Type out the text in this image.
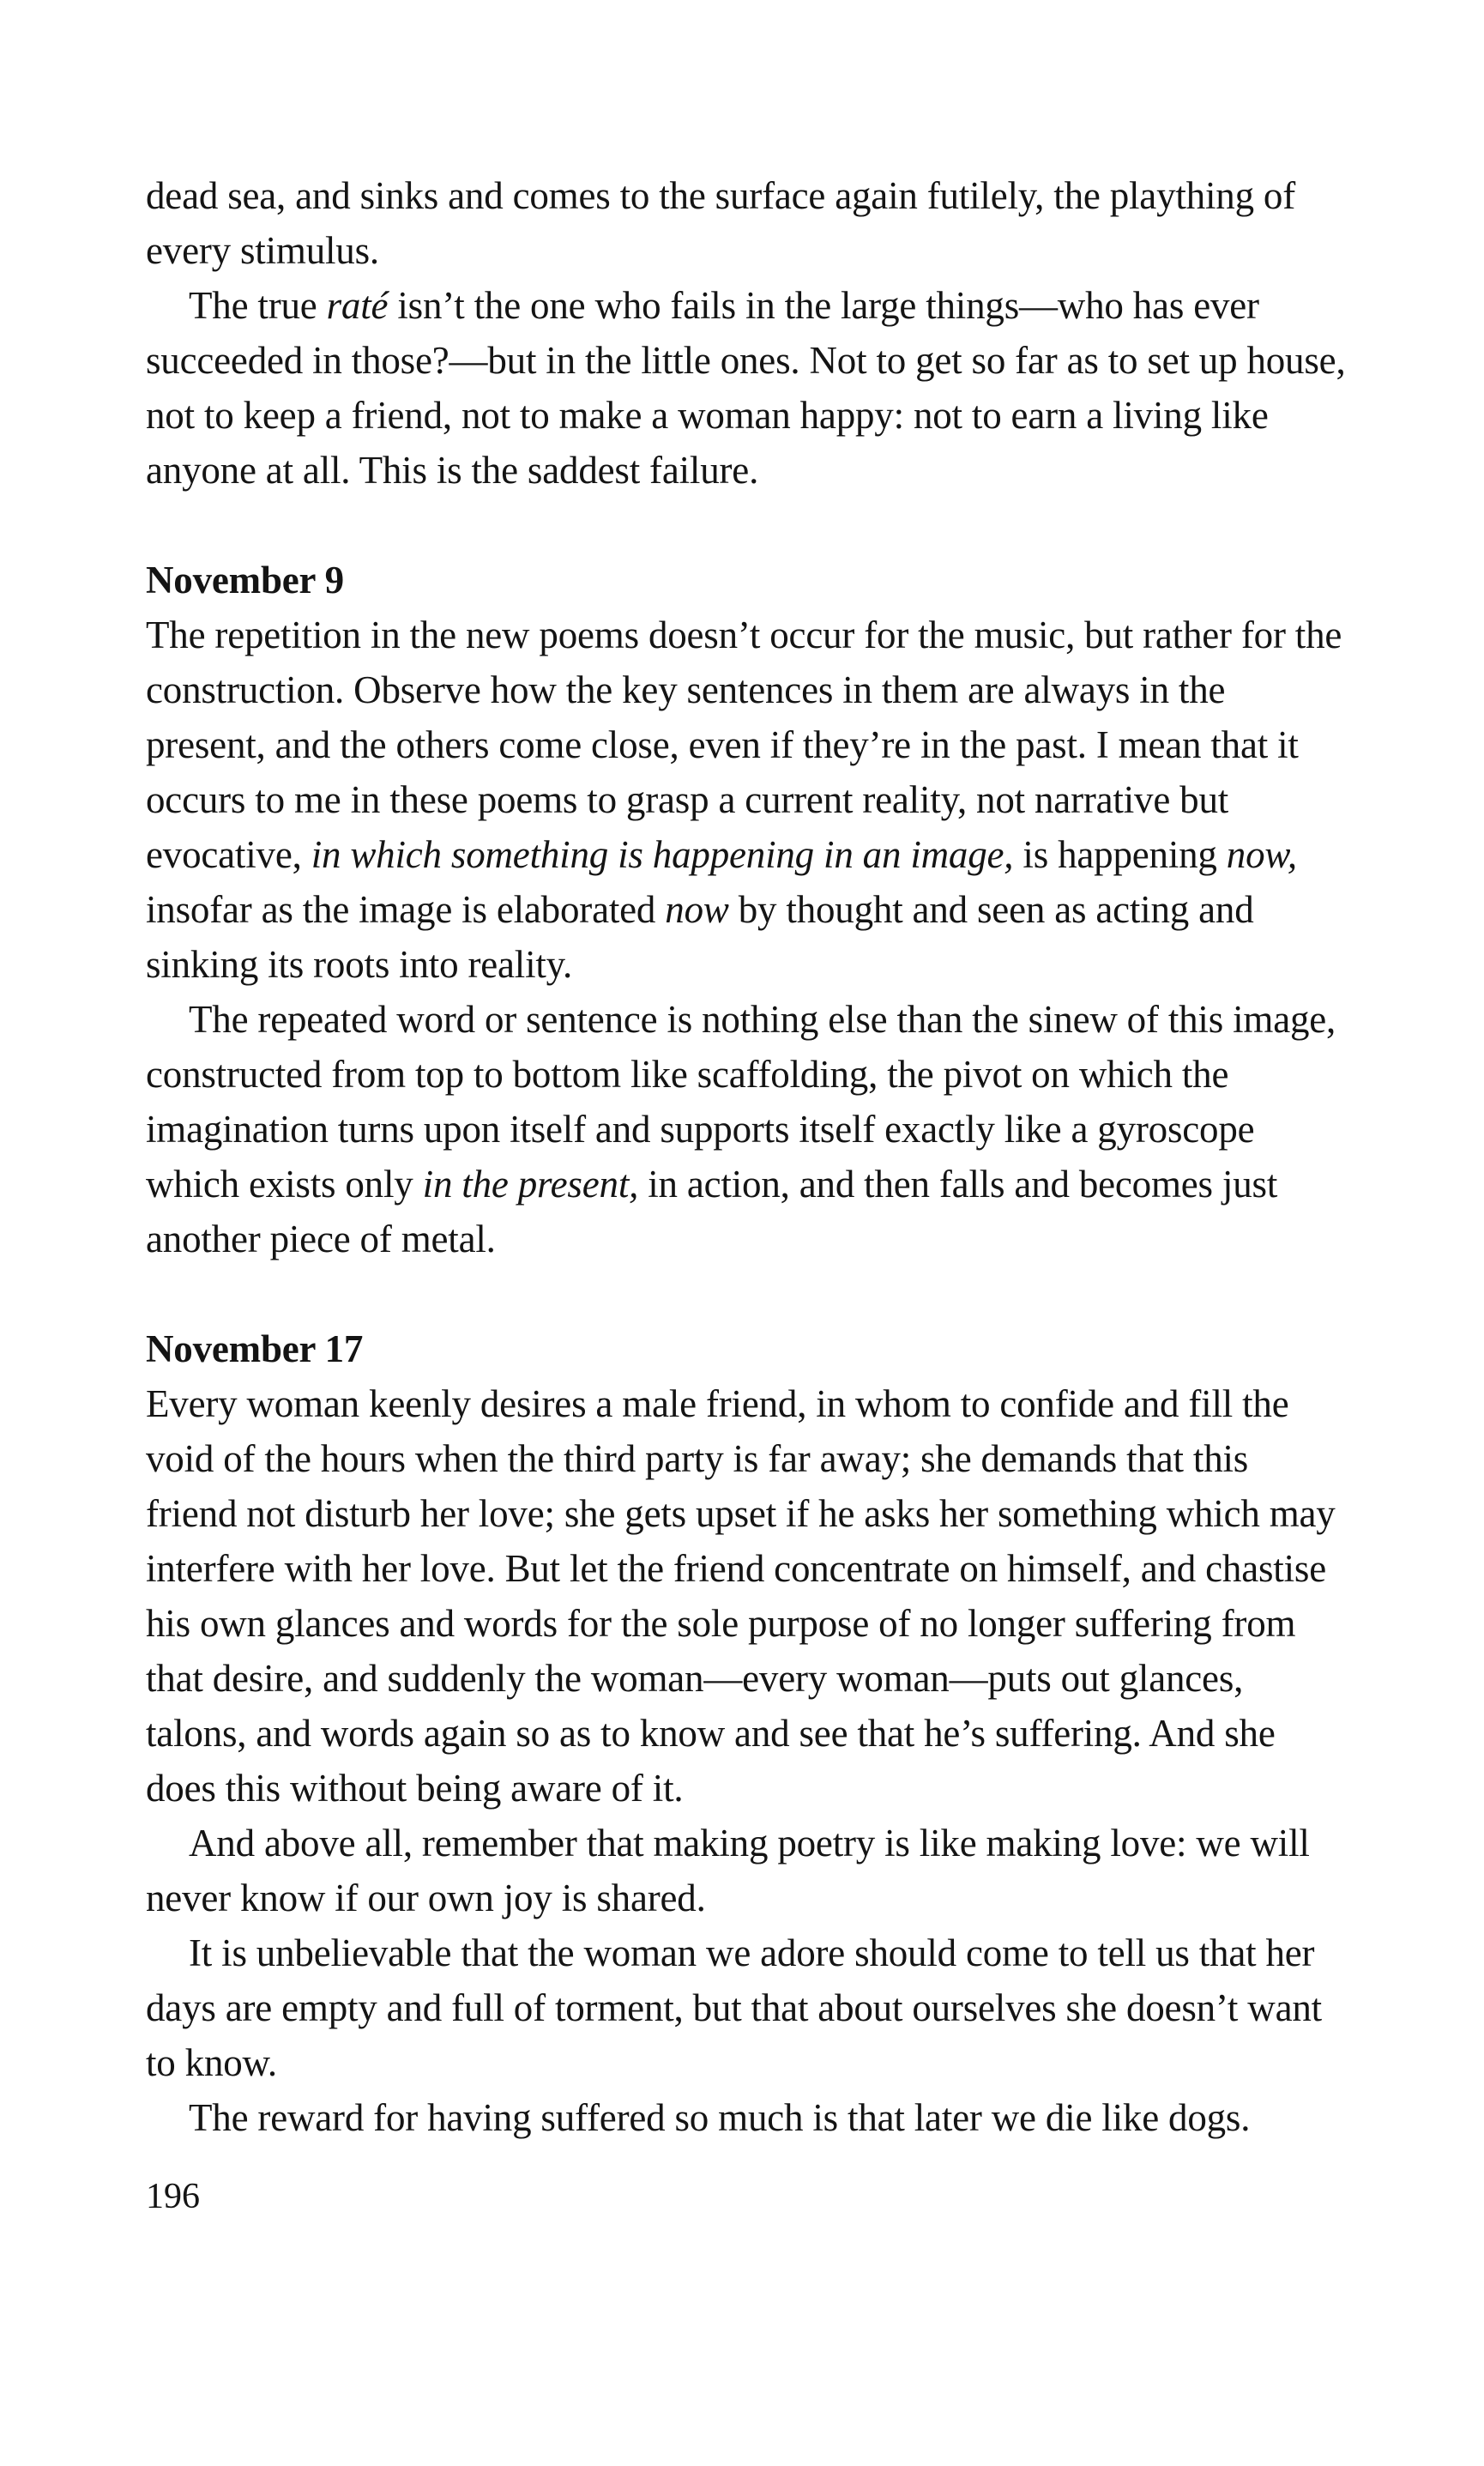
dead sea, and sinks and comes to the surface again futilely, the plaything of every stimulus.

The true raté isn’t the one who fails in the large things—who has ever succeeded in those?—but in the little ones. Not to get so far as to set up house, not to keep a friend, not to make a woman happy: not to earn a living like anyone at all. This is the saddest failure.

November 9

The repetition in the new poems doesn’t occur for the music, but rather for the construction. Observe how the key sentences in them are always in the present, and the others come close, even if they’re in the past. I mean that it occurs to me in these poems to grasp a current reality, not narrative but evocative, in which something is happening in an image, is happening now, insofar as the image is elaborated now by thought and seen as acting and sinking its roots into reality.

The repeated word or sentence is nothing else than the sinew of this image, constructed from top to bottom like scaffolding, the pivot on which the imagination turns upon itself and supports itself exactly like a gyroscope which exists only in the present, in action, and then falls and becomes just another piece of metal.

November 17

Every woman keenly desires a male friend, in whom to confide and fill the void of the hours when the third party is far away; she demands that this friend not disturb her love; she gets upset if he asks her something which may interfere with her love. But let the friend concentrate on himself, and chastise his own glances and words for the sole purpose of no longer suffering from that desire, and suddenly the woman—every woman—puts out glances, talons, and words again so as to know and see that he’s suffering. And she does this without being aware of it.

And above all, remember that making poetry is like making love: we will never know if our own joy is shared.

It is unbelievable that the woman we adore should come to tell us that her days are empty and full of torment, but that about ourselves she doesn’t want to know.

The reward for having suffered so much is that later we die like dogs.

196
